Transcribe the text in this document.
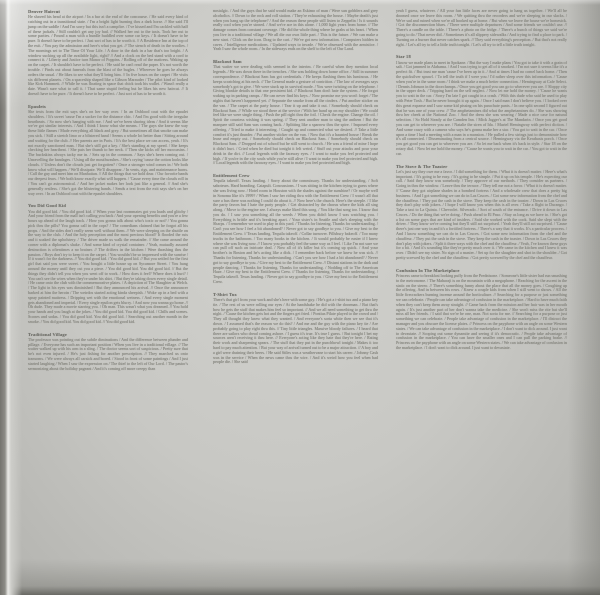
Denver Haircut
He shaved his head at the airport / In a bar at the end of the concourse. / He said every kind of catching out in a transitional state. / I'm a bright light burning thru a dark horse. // She said I'll jump on the saddle / And I'm sorry but this isn't a campfire. / I've kissed and I'm cackled with half of these jackals. / Still couldn't get any joy bad. // Walked her out to the taxis. Took her out to some parties. / Found a man with a bundle huddled over some car keys. / It doesn't have to be pure. It doesn't have to be perfect. / Just sort of has to be worth it. // A Residence Inn at the top of the exit. / You pay the admission and here's what you get. // The stench of death in the woolies. / The mornings set to The Time Of Your Life. / A door in the dark in a bar that's too bright. / A window sucking up all the available light, right? // And a clock on the bed stand with a cord to connect it. / Liberty and Justice turn Manor of Poppins. / Rolling off of the mattress. Waking up on the carpet. / It shouldn't have to be perfect. / He said he can't read the paper. It's not worth the trouble. / Finds out about funerals from the blast of the bugles. / Wherever he goes he always orders the usual. / He likes to see what they'll bring him. // In five hours on the carpet / He visits six different planets. / On a spaceship shaped like a Gibson Marauder / The pilot kind of looked like Kirk Hammett. // While he was floating in space that chick took his wallet. / Wasn't really a date. Wasn't sure what to call it. / That same stupid feeling but he likes his new haircut. // It doesn't have to be pure. / It doesn't have to be perfect. / Just sort of has to be worth it.
Epaulets
She texts from the exit says she's on her way over. / In an Oxblood coat with the epaulet shoulders. / It's sweet 'cause I'm a sucker for the distance chic. / And I'm good with the irregular heartbeats. / So now she's hanging with me. / And we've been sharing ideas / And it seems like we've got similar interests. / And I think I know what she means. / The guys she knew the way these little flames / Made everything all black and grey. / But sometimes all that smoke can make you sick. / Still a stretch limo or a blistered hand / Seems a whole lot better than / Sitting around and waiting for the club. // Her parents are in Paris. / It's the best place we can access, yeah. / It's not exactly sanctioned man. / But she's still got a key. / She's standing at my speed. / She keeps checking her heartbeat. / She puts her thumb to her neck. // Then she kicks off her moccasins. / The buckskins always tacky me in. / Sets up in the common. / Says she's been coming out. / Unravelling the bandages. / Using all the mouthwashes. / She's crying 'cause the cotton looks like clouds. // Unless don't the clouds just get forgotten? / Once a stronger wind comes in / We both know what will happen. / We'll dissipate. We'll disappear. / In vents, rigs, and maintenance barns. / Call the guy and meet him on Manhattan. // All the things that we hold dear. / Our favorite bands our deepest fears. / We both know exactly what will happen. / 'Cause every time the clouds roll in / You can't go astronomical. / And her jacket makes her look just like a general. // And she's generally restless. / She's got the blistering hands. / Sends a text from the exit says she's on her way over. / In an Oxblood coat with the epaulet shoulders.
You Did Good Kid
You did good kid. / You did good kid. // When your last roommates got you loads and glitchy / And your friend from the mall isn't calling you back / And your opening benefits and you're a few hours up ahead of the laugh track. / How you gonna talk about who's toxic or not? / You gonna pick thru the pills? You gonna call in the cops? / The comedians claimed that he forgot all his props. / And the sides don't really seem well without them. // We were sleeping on the shuttle on the way to the club. / And the holy perception and the most precious blood? It flooded the ruts and it soaked the upholstery. / The driver made us walk the remainder. // She came around the corner with a diplomat's shake. / And some kind of crystal container. / Yeah, mutually assured destruction is oftentimes a no brainer. // The drifters in the kitchen / Were thrashing thru the passion. / Boys don't try to keep it on the carpet. / You wouldn't be so impressed with the sunrise / If it wasn't for the darkness. // You did good kid. / You did good kid. // But you settled for the first girl that said you were sweet. / You bought a little house up on Sycamore Street. / You hung around the money until they cut you a piece. / You did good kid. You did good kid. // But the things they didn't tell you when you went off to work. / How does it feel? Where does it hurt? / You can't see the wires when they're under his shirt. / But they're taking down every single detail. / He came onto the club with the commemorative plates. / A depiction of The Slaughter at Welch. / The light in his eyes was diminished / But they announced his arrival. // Once the announcer barked at him the heroin / The weirdos started acting kinda sheepish. / Woke up in a bed with a spray painted mattress. / Dripping wet with the emotional wetness. / And every single moment gets abandoned and imperial. / Every single epsilon gets blurry. / And now you wanna go home. // Oh dude. They made a movie starring you. / Oh man. This wasn't what you dreamed. // You hold your hands and you laugh at the jokes. / You did good kid. You did good kid. / Chills and scenes. Scones and sodas. / You did good kid. You did good kid. / Searching out another month in the smoke. / You did good kid. You did good kid. // You did good kid.
Traditional Village
The professor was pointing out the subtle diminutions / And the difference between plunder and pillage. / Everyone has such an important position / When you live in a traditional village. // The waiter walked up with his arm in a sling. / The doctor seems sort of suspicious. / Pretty sure that he's not even injured. / He's just fishing for another prescription. // They marched us onto transoms. / We were always all carsick and bored. / Stood in front of some paintings / And I just started laughing / When I saw the expression on / The thief to the left of Our Lord. / The pastor's sermonizing about the holiday pageant / And it's coming off more creepy than
nostalgic. / And the guys that he said would make an Eskimo of man / Were sun gobblers and grey alcoholics. // Down to the rock and roll station. / They're exhausting the house. / Maybe death's just when you hang up the telephone? / And the reason these people still listen to Zeppelin / Is it sounds really cool when you're stoned. / And we're ace in this alone. / 1,000 light years from home. // The damage comes from constant coverage. / He did the whole thing where he grabs at his heart. / When you live in a traditional village / We all die our own little part. / This is the future. / We can make a new start. / Click on the icon. Drag to the cart. / We've got new information. / Computers hidden in caves. / Intelligence medications. / Updated ways to invade. / We're obsessed with the armistice. / Yeah I saw the whole room. / In the sideways ends on the shelf to the left of Our Land.
Blackout Sam
That waiter we were dealing with seemed in the interim. / Be careful when they mention local legends. / He was down there in the trenches. / She was holding down home office. / Still in summer correspondence. // Blackout Sam has got credentials. / He keeps flashing them his luminous. / He keeps scratching at his neck. // The General made a gesture of contrition. / The law of averages says somebody's got to give. / We were stuck up in survival mode. / You were twisting on the telephone. / Giving blankie details to that one persistent kid. // Blackout Sam don't hate the system. / He forgot waking up in parking ramps. / He can never find his keys. / Now promise me you won't forget / The nights that haven't happened yet. // Separate the smoke from all the cinders. / Put another sticker on the van. / The carpet at the party house. / Tear it up and take it out. / Somebody should check on Blackout Sam. // While we stood there at the service / With her hand up on my shoulder / We could feel like we were single thing. / Push the pill right thru the foil. / Check the engine. Change the oil. / Spirit the countess wishing it was spring. // They sent another man to sing the anthem / But the marquee still said Sam was coming back. / Splitting like a sparrow thru the spire. / Imposed every offering. / Tried to make it interesting. / Caught up and connected what we desired. // Take a little comfort it's just thunder. / Put another sticker on the van. / Now that it's a haunted house / Break the lease and empty out. / Somebody should check on Blackout Sam. / Somebody should check on Blackout Sam. // Dropped out of school but he still went to church. / He was a friend of mine I hope it didn't hurt. / Cried when he died but tonight it felt weird. / Stuff out your attacks and pour your drink in the dirt. // Local legends with the faraway eyes. / I want to make you feel protected and high. / If you're in the city souls while you're still alive / I want to make you feel protected and high. // Local legends with the faraway eyes. / I want to make you feel protected and high.
Entitlement Crew
Tequila takeoff. Texas landing. / Sorry about the commissary. Thanks for understanding. / Soft saboteurs. Hard branding. Catapult. Concussions. / I was sitting in the kitchen trying to guess where she was living now. / Hotel room in Houston with the shades against the sunshine? / Or maybe well in Sonoma like it's 1999? / When I saw her riding thru with the Entitlement Crew / I wasn't all that sure a bus there was nothing I could do about it. // Now here's the church. Here's the steeple. / I like the party favors but I hate the party people. / Get distracted by the chorus where the kids all sing along. / Move to the engine see. I always make liked this song. / You like that song too. I know that you do. / I saw you something all the weeds / When you didn't know I was watching you. / Everything is brittle and it's breaking apart. / Your sister's in Seattle and she's sleeping with the Sharps. / I remember we used to play in this yard. / Thanks for listening. Thanks for understanding. / Can't you see how I feel a bit abandoned? / Never got to say goodbye to you. / Give my best to the Entitlement Crew. // Texas landing. Tequila takeoff. / Collar turnover. Pillsbury bakeoff. / Too many trucks in the bathroom. / Too many books in the kitchen. / It would probably be easier if I knew where she was living now. // I know you probably feel the same way as I feel. / Like I'm not sure we can pull off such an intricate deal. / Now all of it's killer but it's coming up quick. / And your brother's in Boston and he's acting like a dick. / I remember back before we knew he was sick. // Thanks for listening. Thanks for understanding. / Can't you see how I had a bit abandoned? / Never got to say goodbye to you. / Give my best to the Entitlement Crew. // Distant stations in the dark and people dancing. / Thanks for listening. Thanks for understanding. / Nodding off to The American Haze. / Give my best to the Entitlement Crew. // Thanks for listening. Thanks for understanding. / Tequila takeoff. Texas landing. / Never got to say goodbye to you. / Give my best to the Entitlement Crew.
T-Shirt Tux
There's that girl from your work and she's here with some guy. / He's got a t-shirt tux and a piano key tie. / The rest of us were rolling our eyes / At the handshake he did with the doorman. / But that's how he gets the stuff that makes him feel so important. // And we all need something to get thru the night. / 'Cause the kitchen gets hot and the fingers get fried. / Pontius Pilate played to the crowd and / They all thought they knew what they wanted. / And everyone's sorta white then we see that it's down. / I assumed that's the reason we do this? / And me and the guy with the piano key tie / Are probably going to play right thru this. // Tiny little triangles. Massive bloody failures. / I heard that there are sailors who dread coming ashore. / I guess it's true. It's true I guess. / But tonight I bet my sources aren't receiving it thru here. // Everyone's acting like they hate that they're here. / Rating their work and sharpening spears. / The stuff that they put in the punchbowl tonight / Makes it too hard to pay much attention. / But your way of arrival turned out to be a major attraction. // A boy and a girl were draining their beers. / He said Stiles was a weathervane to start his career. / Johnny Cash was in the service / When the news came thru the wire. / And it's weird how you feel when bad people die. / She said
yeah I guess, whatever. / All your fun little faces are never going to hang us together. / We'll all be doomed once we leave this room. / We quitting thru the recorders and we're sleeping in our slacks. / We're sad and ruined when we're all hooked up at home. / But when we leave the house we're homesick. / Got the disconnection blues. / There were multiple departures / And some friends we couldn't use. // There's a candle on the table. / There's a photo on the fridge. / There's a bunch of things we said we're going to do / That never did. / Sometimes it's all slippery sidewalks / And trying to find a place to park. / Turning on a burner that never catches spark. // They said everything's perception. / But that's not really right. / Let's all try to tell a little truth tonight. / Let's all try to tell a little truth tonight.
Star 18
I know we made plans to meet in Spokane. / But the way I make plans / You got to take it with a grain of salt. / Got jammed in Alabama. / And I was trying to get all of it smoked. / I'm not sure it seems like it's a perfect fit. / But trust me man 'cause I've been up in it. / And at times I had no comel back home. / Then the quicksilver sprawl. / To tell the truth if I were you / I'd rather sleep over this information. / 'Cause when you're in the same room / I think we make a much better connection. / Hemingway at Cafe Select. / Dennis Johnson in the doorchamps. / Once you get good you can go to wherever you are. // Sloppy city in the upper deck. / Tripping hard on the self neglect. / Now let me hold the money. / 'Cause he wants you to wait in the car. / Sorry I'm late I got caught in a crash. / With this dude who said he used to play with Peter Tosh. / But he never brought it up again. / Once I said man I don't believe you. / I looked over this great expanse and I saw some kid pissing on his parachute pants. / In one split second I figured out that he was one of your crew. // The amphetamines did what the amphetamines do. / She was showing thru her cheek at the National Zoo. / And the dress she was wearing / Made a nice case for natural selection. / So Hold Steady at the Camden Inn. / Mick Jagger's at The Mandarin. / Once you get good you can get to wherever you are. / Natalie the siren of Ida. / Muriel Hemingway with perfect diction. / And some crazy with a camera who says he's gonna make her a star. / You got to wait in the car. / Once upon a time I had a meeting with a man in a mansion. / He pulled a few strings just to demonstrate how it's all connected. / Disseminating from a central source. / Hemingway via the Kerabasis porch. / Once you get good you can get to wherever you are. / So let me back when it's back in style. / Star 18 on the rotary dial. / Now let me hold the money. / 'Cause he wants you to wait in the car. / You got to wait in the car.
The Stove & The Toaster
Let's just say they owe me a favor. / I did something for them. / What it is doesn't matter. / Here's what's important. / It's going to be easy. / It's going to be simple. / Put it up on his temple. / He's expecting our call. / Said they know was somebody. / They approve of our methods. / They consider us partners. / Going in thru the window. / Leave thru the terrace. / They tell me not a favor. / What it is doesn't matter. // 'Cause they got airplane shades in a bombed fortress / And a wholesale crew that does a pretty big business. / And I got something we can do in Las Cruces. / Got some new information from the chef and the chauffeur. / They put the cash in the stove. They keep the cash in the toaster. / Down in Las Cruces they don't play with jokers. / I hope I will know you when this is all over. / Take a flight to Durango. / Take a taxi to La Quinta. / Chevrolet. Silverado. / Sort of south of the entrance. / Drive it down to Las Cruces. / Do the thing that we're doing. / Push ahead to El Paso. / Stay as long as we have to. / She's got a list on some guys that are kind of insiders. / Said she worked with the cook. Said she slept with the driver. / They know we're coming but they'll still act surprised. / Yeah they'll still act surprised. / 'Cause there's just one way in and it's a fortified fortress. / There's a way that it works. It's a particular process. / And I know something we can do in Las Cruces. / Got some new information from the chef and the chauffeur. / They put the cash in the stove. They keep the cash in the toaster. / Down in Las Cruces they don't play with jokers. / Split it three ways with the chef and the chauffeur. / Yeah, I've known these guys for a bit. / And it's sounding like they're pretty much over it. / We came in the kitchen and I knew it was over. / Didn't see my sister. No sign of a master. / Set up for the slaughter and shot in the shoulder. / Got pretty screwed by the chef and the chauffeur. / Got pretty screwed by the chef and the chauffeur.
Confusion In The Marketplace
Princess came to breakfast looking puffy from the Prednisone. / Someone's little sister had run smashing to the metronome. / The Maharaji is on the mountain with a megaphone. / Reaching for the ascent in the static on the stereo. // There's something funny about the place that all the money goes. / Coughing up the offering. And in between his rows. / Knew a couple kids from when I still went to shows. / All the little firecrackers burning incense around the horticulture. // Searching for a purpose or just something we can celebrate. / People can take advantage of confusion in the marketplace. / Hard to have much faith when they can't keep them away straight. // Came back from the mission and her hair was in her mouth again. / It's just another part of her don't wanna take the medicine. / She won't miss the rite but she'll miss all her friends. / I said that we're be one, man. Not sorta for me. // Searching for a purpose or just something we can celebrate. / People take advantage of confusion in the marketplace. / I'll distract the manager and you obscure the license plates. // Princess on the payphone with an angle on some Western states. / We can take advantage of confusion in the marketplace. / I don't want to dick around. I just want to devastate. // Scoping out some dynamite and seeing if it's democratic. / People take advantage of confusion in the marketplace. / You can have the smaller ones and I can pull the parking brake. // Princess on the payphone with an angle on some Western states. / We can take advantage of confusion in the marketplace. / I don't want to dick around. I just want to devastate.
